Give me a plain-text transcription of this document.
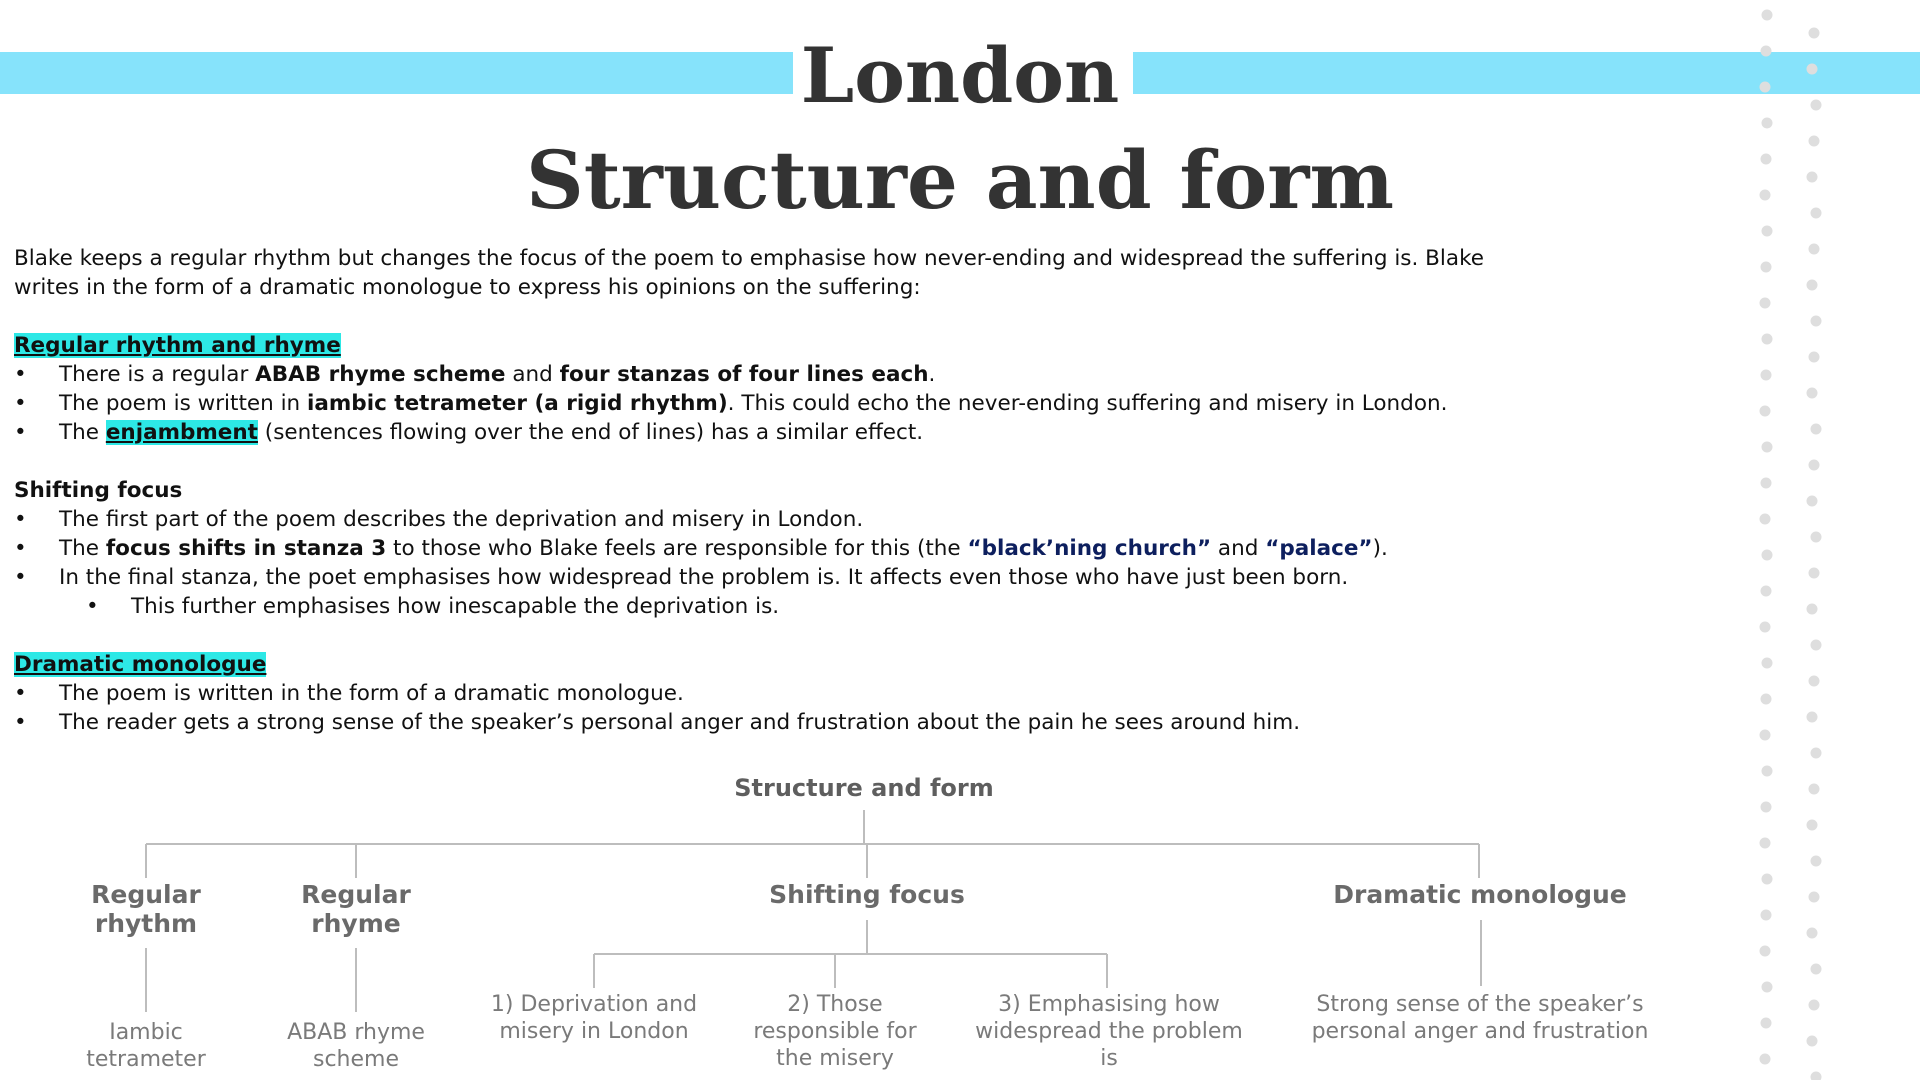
London
Structure and form

Blake keeps a regular rhythm but changes the focus of the poem to emphasise how never-ending and widespread the suffering is. Blake writes in the form of a dramatic monologue to express his opinions on the suffering:

Regular rhythm and rhyme

• There is a regular ABAB rhyme scheme and four stanzas of four lines each.
• The poem is written in iambic tetrameter (a rigid rhythm). This could echo the never-ending suffering and misery in London.
• The enjambment (sentences flowing over the end of lines) has a similar effect.

Shifting focus

• The first part of the poem describes the deprivation and misery in London.
• The focus shifts in stanza 3 to those who Blake feels are responsible for this (the “black’ning church” and “palace”).
• In the final stanza, the poet emphasises how widespread the problem is. It affects even those who have just been born.
• This further emphasises how inescapable the deprivation is.

Dramatic monologue

• The poem is written in the form of a dramatic monologue.
• The reader gets a strong sense of the speaker’s personal anger and frustration about the pain he sees around him.
Structure and form
Regular rhythm
Regular rhyme
Shifting focus	Dramatic monologue
Iambic tetrameter
ABAB rhyme scheme
1) Deprivation and misery in London
2) Those responsible for the misery
3) Emphasising how widespread the problem is
Strong sense of the speaker’s personal anger and frustration
